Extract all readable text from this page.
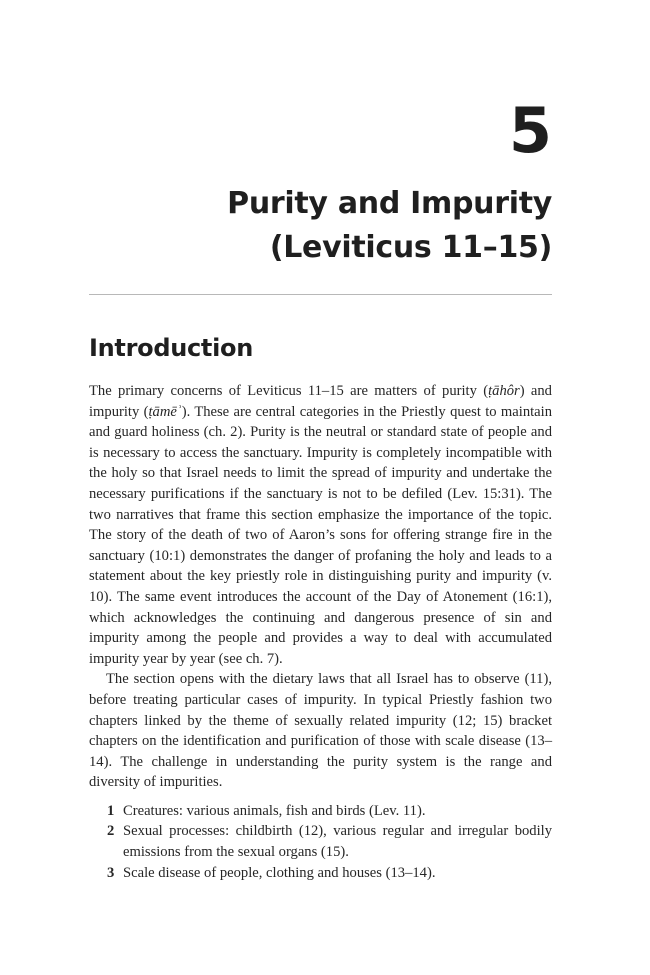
5
Purity and Impurity
(Leviticus 11–15)
Introduction

The primary concerns of Leviticus 11–15 are matters of purity (ṭāhôr) and impurity (ṭāmēʾ). These are central categories in the Priestly quest to maintain and guard holiness (ch. 2). Purity is the neutral or standard state of people and is necessary to access the sanctuary. Impurity is completely incompatible with the holy so that Israel needs to limit the spread of impurity and undertake the necessary purifications if the sanctuary is not to be defiled (Lev. 15:31). The two narratives that frame this section emphasize the importance of the topic. The story of the death of two of Aaron’s sons for offering strange fire in the sanctuary (10:1) demonstrates the danger of profaning the holy and leads to a statement about the key priestly role in distinguishing purity and impurity (v. 10). The same event introduces the account of the Day of Atonement (16:1), which acknowledges the continuing and dangerous presence of sin and impurity among the people and provides a way to deal with accumulated impurity year by year (see ch. 7).

The section opens with the dietary laws that all Israel has to observe (11), before treating particular cases of impurity. In typical Priestly fashion two chapters linked by the theme of sexually related impurity (12; 15) bracket chapters on the identification and purification of those with scale disease (13–14). The challenge in understanding the purity system is the range and diversity of impurities.

1 Creatures: various animals, fish and birds (Lev. 11).
2 Sexual processes: childbirth (12), various regular and irregular bodily emissions from the sexual organs (15).
3 Scale disease of people, clothing and houses (13–14).
